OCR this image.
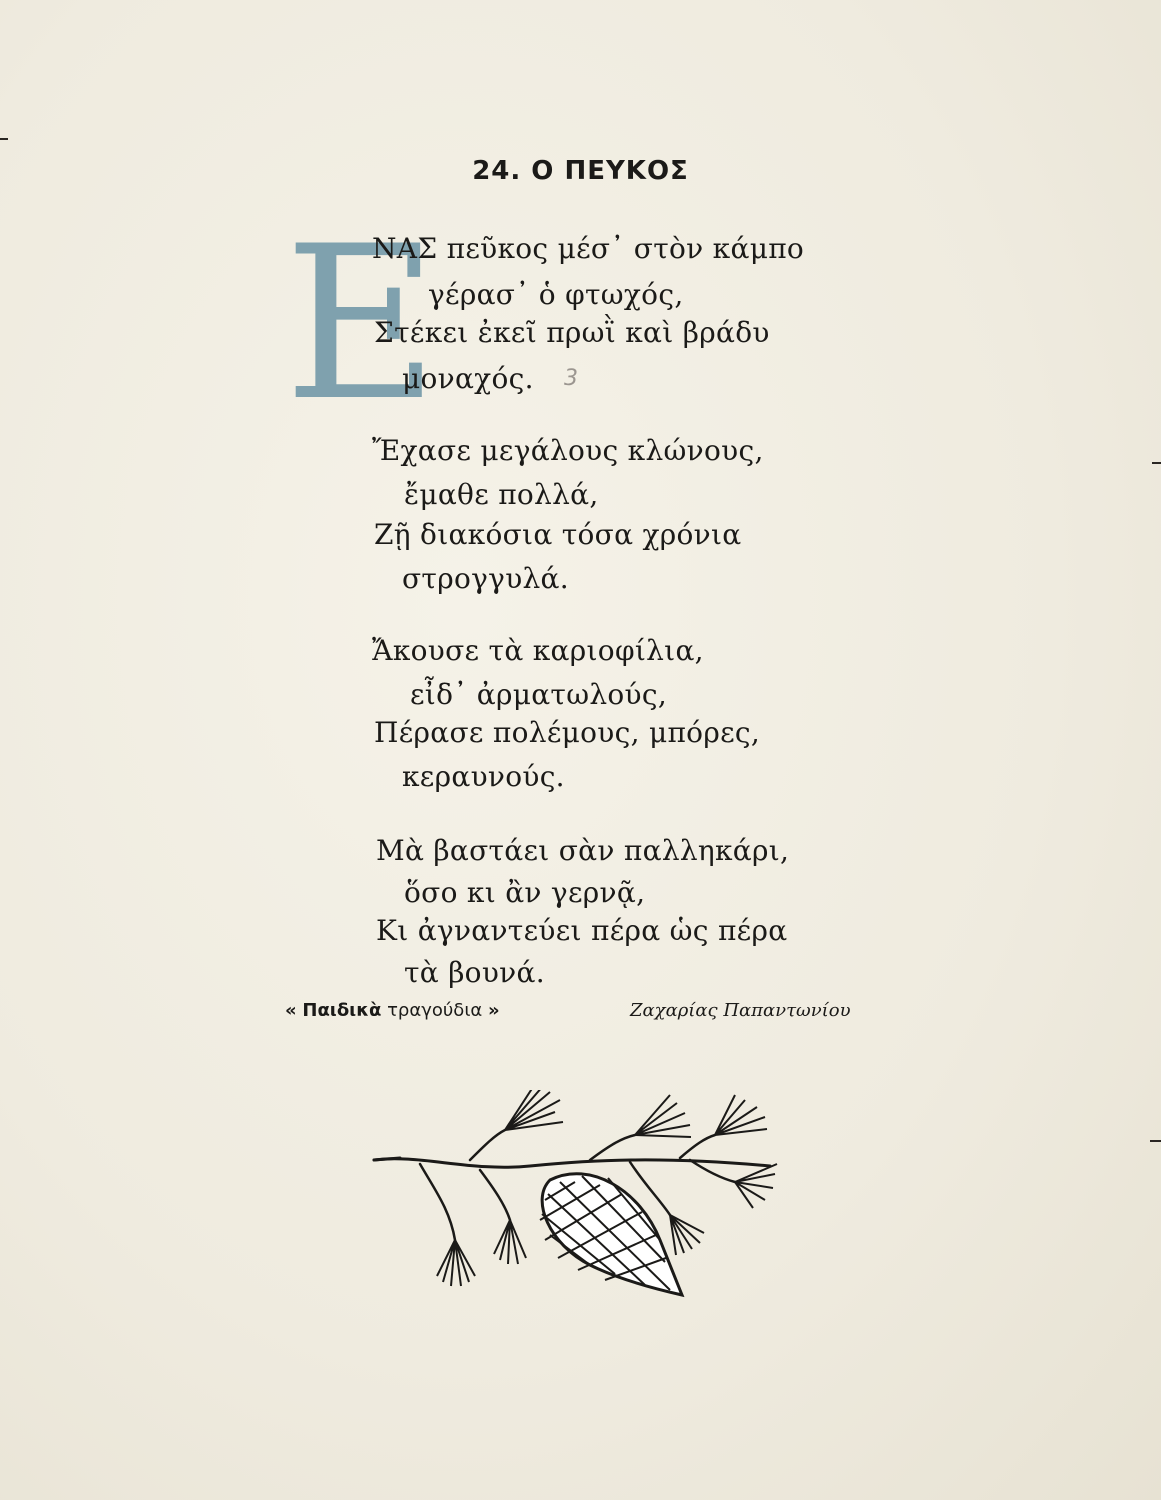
24. Ο ΠΕΥΚΟΣ
Ε
ΝΑΣ πεῦκος μέσ᾽ στὸν κάμπο
γέρασ᾽ ὁ φτωχός,
Στέκει ἐκεῖ πρωῒ καὶ βράδυ
μοναχός.
Ἔχασε μεγάλους κλώνους,
ἔμαθε πολλά,
Ζῇ διακόσια τόσα χρόνια
στρογγυλά.
Ἄκουσε τὰ καριοφίλια,
εἶδ᾽ ἀρματωλούς,
Πέρασε πολέμους, μπόρες,
κεραυνούς.
Μὰ βαστάει σὰν παλληκάρι,
ὅσο κι ἂν γερνᾷ,
Κι ἀγναντεύει πέρα ὡς πέρα
τὰ βουνά.
3
« Παιδικὰ τραγούδια »	Ζαχαρίας Παπαντωνίου
